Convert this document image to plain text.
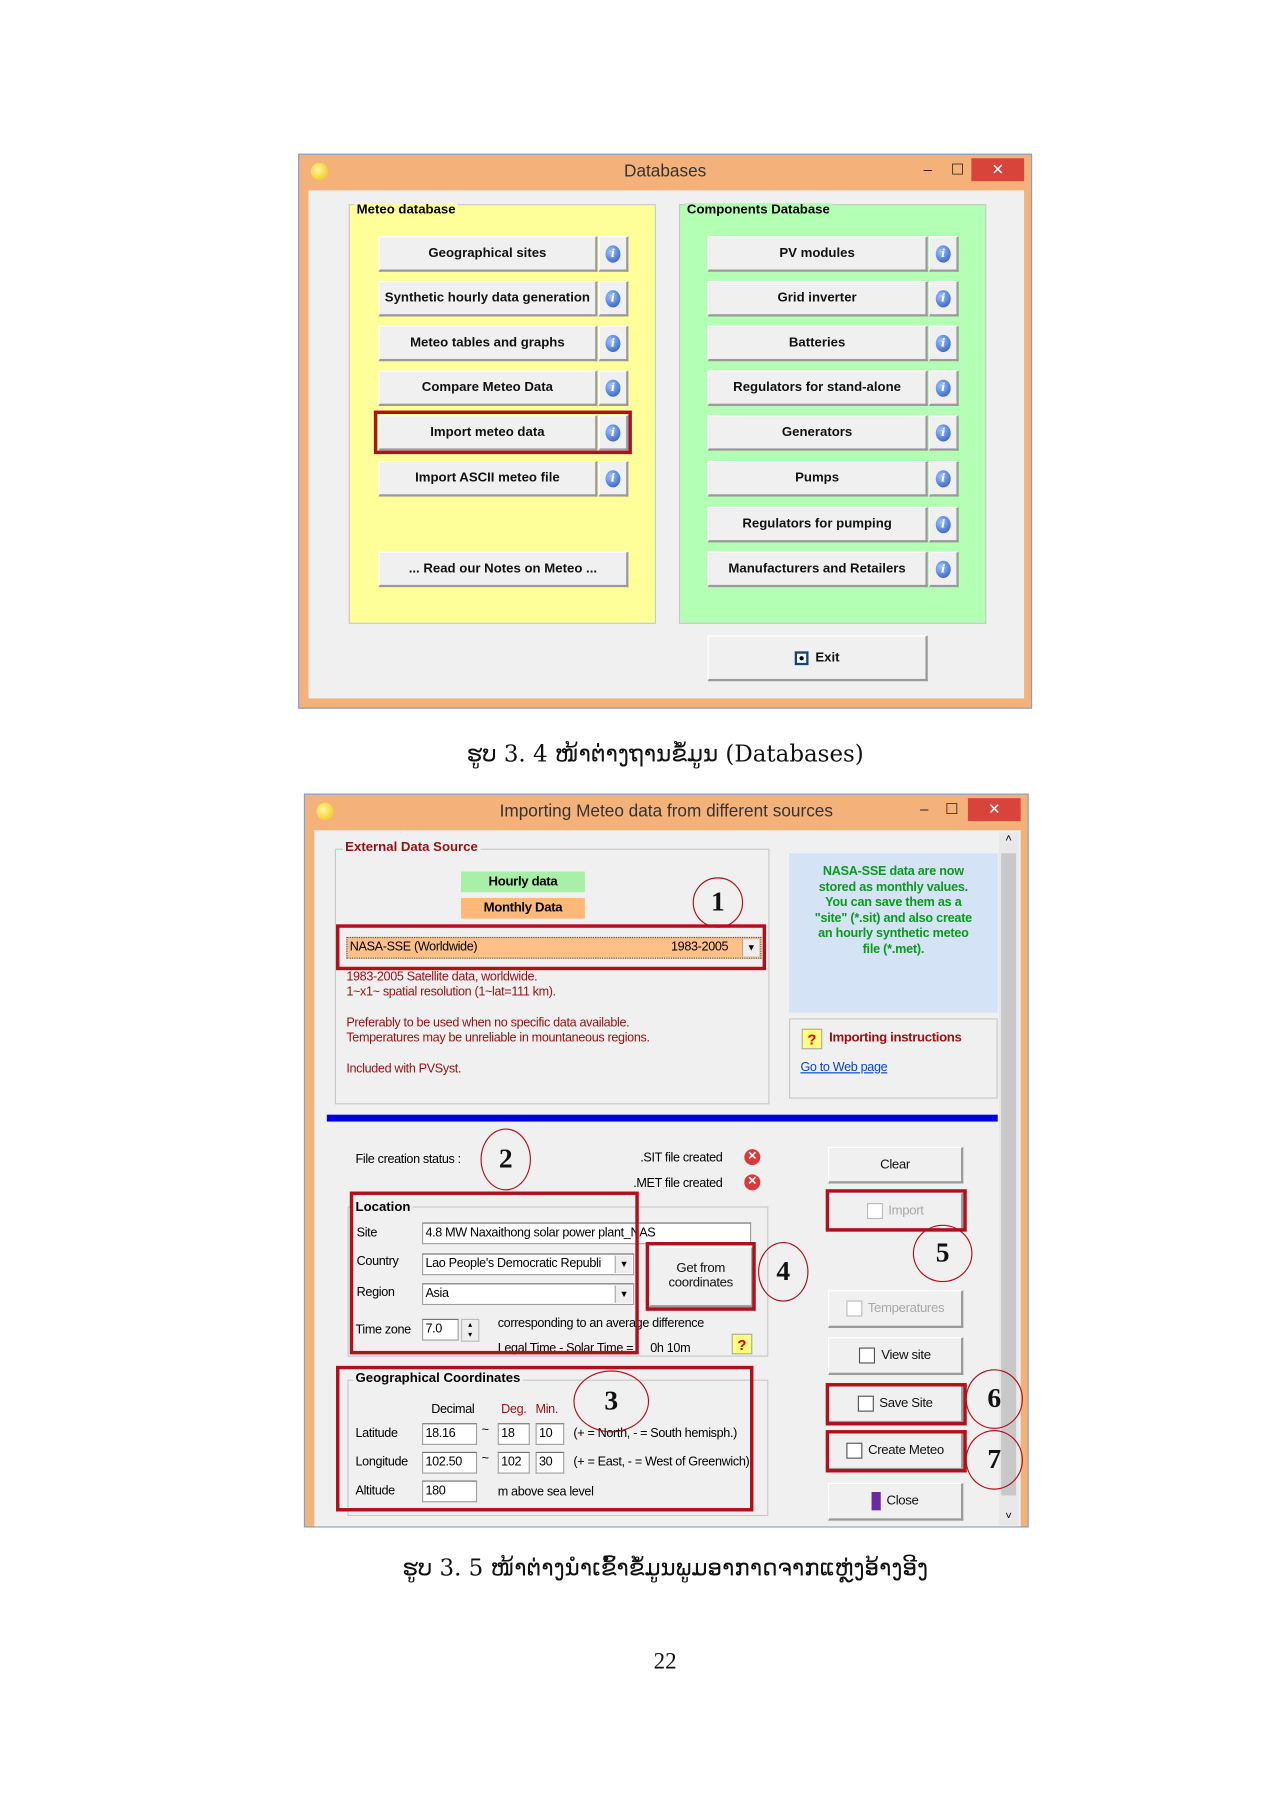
Databases	‒	☐	✕
Meteo database	Components Database
Geographical sites	i
Synthetic hourly data generation	i
Meteo tables and graphs	i
Compare Meteo Data	i
Import meteo data	i
Import ASCII meteo file	i
PV modules	i
Grid inverter	i
Batteries	i
Regulators for stand-alone	i
Generators	i
Pumps	i
Regulators for pumping	i
Manufacturers and Retailers	i
... Read our Notes on Meteo ...
Exit
ຮູບ 3. 4 ໜ້າຕ່າງຖານຂໍ້ມູນ (Databases)
Importing Meteo data from different sources	‒	☐	✕
˄
˅
External Data Source
Hourly data
Monthly Data
NASA-SSE (Worldwide)	1983-2005	▼
1983-2005 Satellite data, worldwide.
1~x1~ spatial resolution (1~lat=111 km).
Preferably to be used when no specific data available.
Temperatures may be unreliable in mountaneous regions.
Included with PVSyst.
NASA-SSE data are now
stored as monthly values.
You can save them as a
"site" (*.sit) and also create
an hourly synthetic meteo
file (*.met).
?	Importing instructions
Go to Web page
File creation status :	.SIT file created	✕
.MET file created	✕
Location
Site	4.8 MW Naxaithong solar power plant_NAS
Country	Lao People's Democratic Republi	▼
Region	Asia	▼
Time zone	7.0	▴
▾
corresponding to an average difference
Legal Time - Solar Time = 0h 10m	?
Get from
coordinates
Geographical Coordinates
Decimal Deg. Min.
Latitude	18.16	~	18	10	(+ = North, - = South hemisph.)
Longitude	102.50	~	102	30	(+ = East, - = West of Greenwich)
Altitude	180	m above sea level
Clear
Import
Temperatures
View site
Save Site
Create Meteo
Close
1
2
3
4
5
6
7
ຮູບ 3. 5 ໜ້າຕ່າງນຳເຂົ້າຂໍ້ມູນພູມອາກາດຈາກແຫຼ່ງອ້າງອີງ
22
